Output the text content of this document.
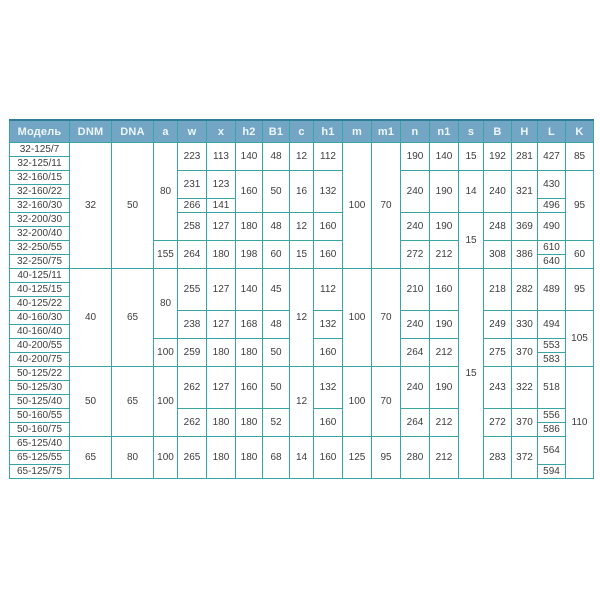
Модель	DNM	DNA	a	w	x	h2	B1	c	h1	m	m1	n	n1	s	B	H	L	K
32-125/7	32	50	80	223	113	140	48	12	112	100	70	190	140	15	192	281	427	85
32-125/11																		
32-160/15				231	123	160	50	16	132			240	190	14	240	321	430	95
32-160/22																		
32-160/30				266	141												496	
32-200/30				258	127	180	48	12	160			240	190	15	248	369	490	
32-200/40																		
32-250/55			155	264	180	198	60	15	160			272	212		308	386	610	60
32-250/75																	640	
40-125/11	40	65	80	255	127	140	45	12	112	100	70	210	160	15	218	282	489	95
40-125/15																		
40-125/22																		
40-160/30				238	127	168	48		132			240	190		249	330	494	105
40-160/40																		
40-200/55			100	259	180	180	50		160			264	212		275	370	553	
40-200/75																	583	
50-125/22	50	65	100	262	127	160	50	12	132	100	70	240	190		243	322	518	110
50-125/30																		
50-125/40																		
50-160/55				262	180	180	52		160			264	212		272	370	556	
50-160/75																	586	
65-125/40	65	80	100	265	180	180	68	14	160	125	95	280	212		283	372	564	
65-125/55																		
65-125/75																	594	
